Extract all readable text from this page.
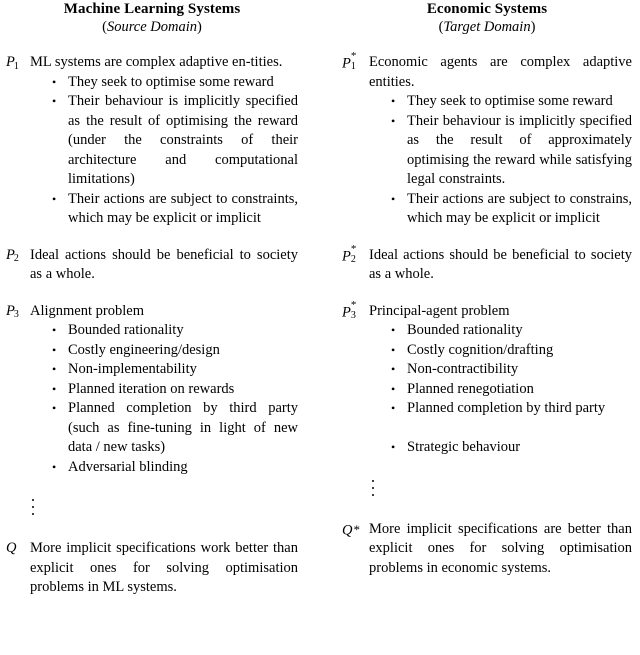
Machine Learning Systems
(Source Domain)
$P_1$ ML systems are complex adaptive en-tities.

• They seek to optimise some reward
• Their behaviour is implicitly specified as the result of optimising the reward (under the constraints of their architecture and computational limitations)
• Their actions are subject to constraints, which may be explicit or implicit
$P_2$ Ideal actions should be beneficial to society as a whole.

$P_3$ Alignment problem

• Bounded rationality
• Costly engineering/design
• Non-implementability
• Planned iteration on rewards
• Planned completion by third party (such as fine-tuning in light of new data / new tasks)
• Adversarial blinding
Q More implicit specifications work better than explicit ones for solving optimisation problems in ML systems.

Economic Systems
(Target Domain)
P *
1 Economic agents are complex adaptive entities.

• They seek to optimise some reward
• Their behaviour is implicitly specified as the result of approximately optimising the reward while satisfying legal constraints.
• Their actions are subject to constrains, which may be explicit or implicit
P *
2 Ideal actions should be beneficial to society as a whole.

P *
3 Principal-agent problem

• Bounded rationality
• Costly cognition/drafting
• Non-contractibility
• Planned renegotiation
• Planned completion by third party
• Strategic behaviour
Q* More implicit specifications are better than explicit ones for solving optimisation problems in economic systems.
